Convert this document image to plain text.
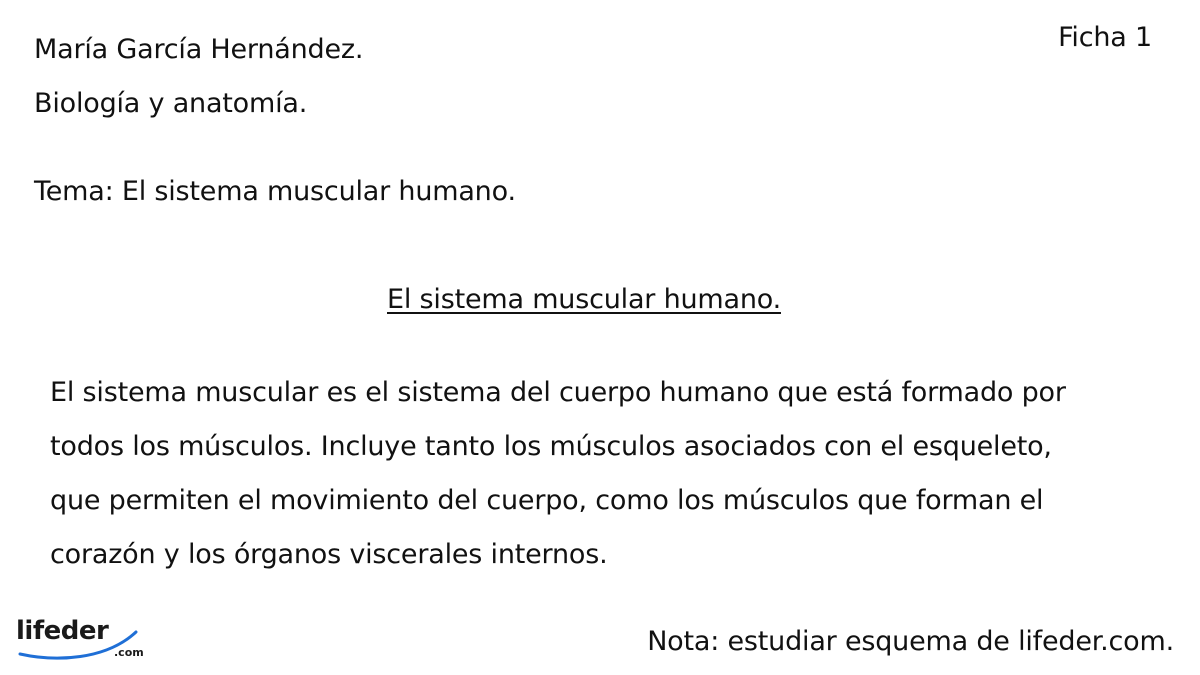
María García Hernández.
Biología y anatomía.
Tema: El sistema muscular humano.
Ficha 1
El sistema muscular humano.
El sistema muscular es el sistema del cuerpo humano que está formado por
todos los músculos. Incluye tanto los músculos asociados con el esqueleto,
que permiten el movimiento del cuerpo, como los músculos que forman el
corazón y los órganos viscerales internos.
lifeder
.com	Nota: estudiar esquema de lifeder.com.
